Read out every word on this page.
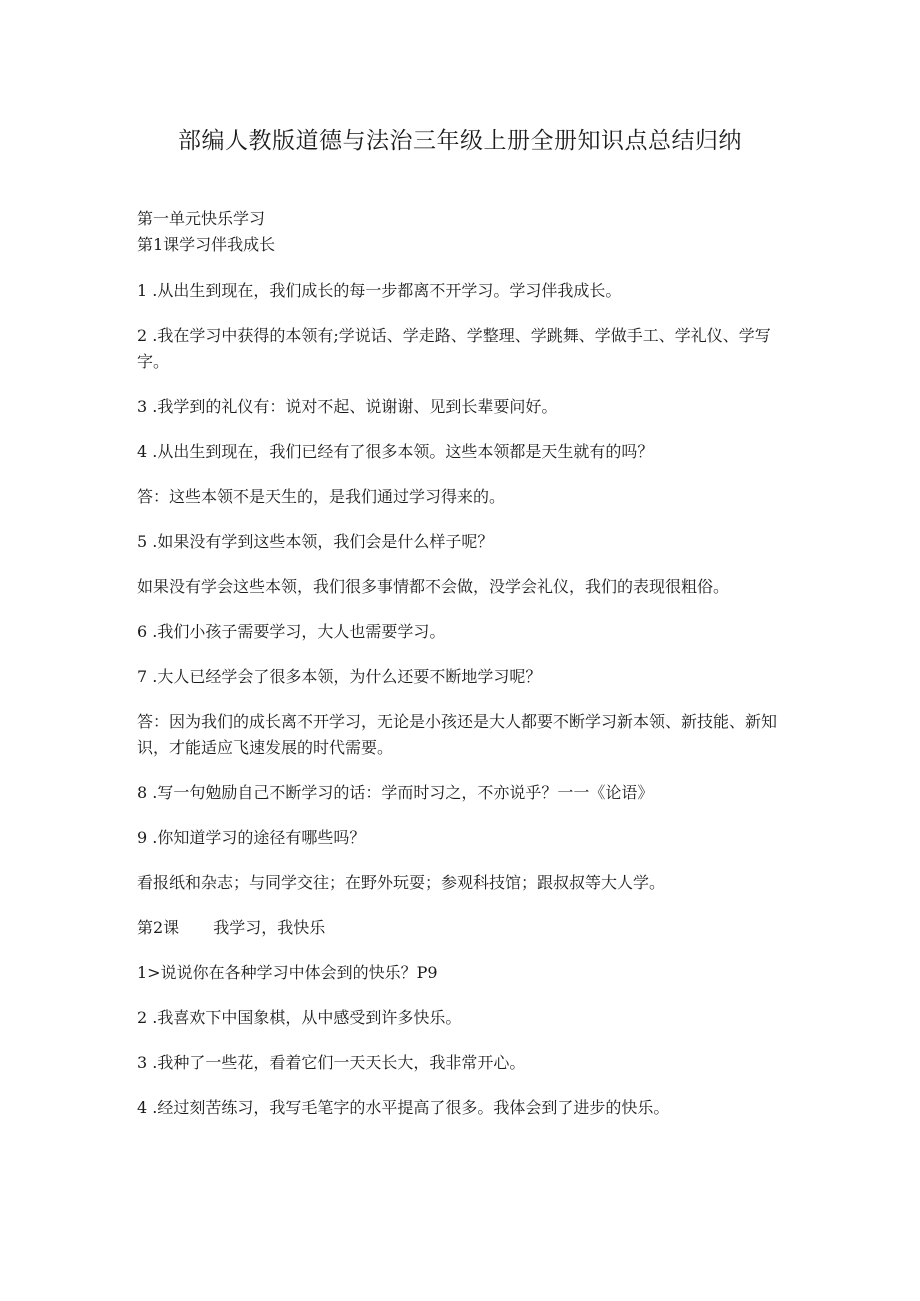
部编人教版道德与法治三年级上册全册知识点总结归纳

第一单元快乐学习

第1课学习伴我成长

1 .从出生到现在，我们成长的每一步都离不开学习。学习伴我成长。

2 .我在学习中获得的本领有;学说话、学走路、学整理、学跳舞、学做手工、学礼仪、学写字。

3 .我学到的礼仪有：说对不起、说谢谢、见到长辈要问好。

4 .从出生到现在，我们已经有了很多本领。这些本领都是天生就有的吗？

答：这些本领不是天生的，是我们通过学习得来的。

5 .如果没有学到这些本领，我们会是什么样子呢？

如果没有学会这些本领，我们很多事情都不会做，没学会礼仪，我们的表现很粗俗。

6 .我们小孩子需要学习，大人也需要学习。

7 .大人已经学会了很多本领，为什么还要不断地学习呢？

答：因为我们的成长离不开学习，无论是小孩还是大人都要不断学习新本领、新技能、新知识，才能适应飞速发展的时代需要。

8 .写一句勉励自己不断学习的话：学而时习之，不亦说乎？一一《论语》

9 .你知道学习的途径有哪些吗？

看报纸和杂志；与同学交往；在野外玩耍；参观科技馆；跟叔叔等大人学。

第2课 我学习，我快乐

1>说说你在各种学习中体会到的快乐？P9

2 .我喜欢下中国象棋，从中感受到许多快乐。

3 .我种了一些花，看着它们一天天长大，我非常开心。

4 .经过刻苦练习，我写毛笔字的水平提高了很多。我体会到了进步的快乐。
